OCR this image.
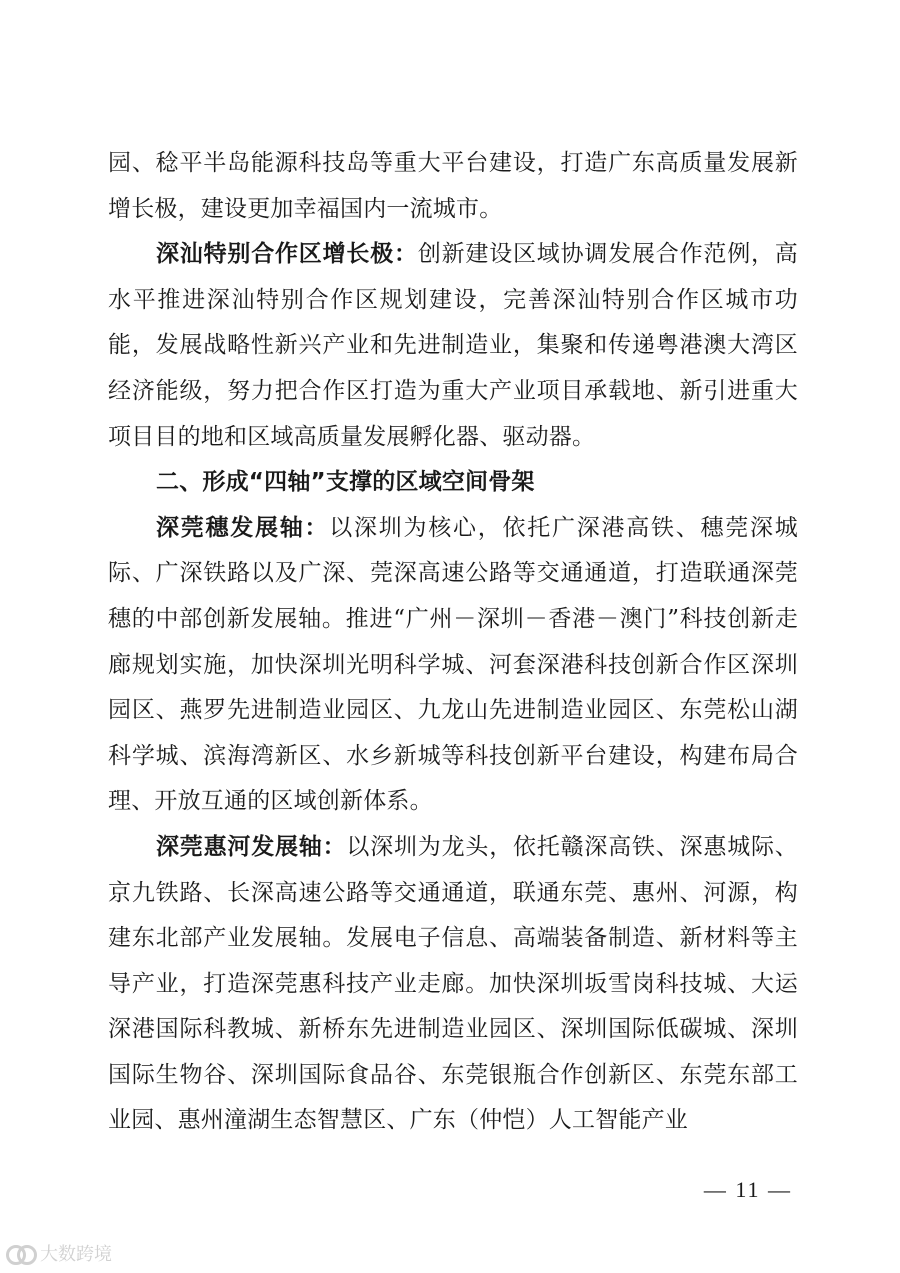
园、稔平半岛能源科技岛等重大平台建设，打造广东高质量发展新增长极，建设更加幸福国内一流城市。

深汕特别合作区增长极：创新建设区域协调发展合作范例，高水平推进深汕特别合作区规划建设，完善深汕特别合作区城市功能，发展战略性新兴产业和先进制造业，集聚和传递粤港澳大湾区经济能级，努力把合作区打造为重大产业项目承载地、新引进重大项目目的地和区域高质量发展孵化器、驱动器。

二、形成“四轴”支撑的区域空间骨架

深莞穗发展轴：以深圳为核心，依托广深港高铁、穗莞深城际、广深铁路以及广深、莞深高速公路等交通通道，打造联通深莞穗的中部创新发展轴。推进“广州－深圳－香港－澳门”科技创新走廊规划实施，加快深圳光明科学城、河套深港科技创新合作区深圳园区、燕罗先进制造业园区、九龙山先进制造业园区、东莞松山湖科学城、滨海湾新区、水乡新城等科技创新平台建设，构建布局合理、开放互通的区域创新体系。

深莞惠河发展轴：以深圳为龙头，依托赣深高铁、深惠城际、京九铁路、长深高速公路等交通通道，联通东莞、惠州、河源，构建东北部产业发展轴。发展电子信息、高端装备制造、新材料等主导产业，打造深莞惠科技产业走廊。加快深圳坂雪岗科技城、大运深港国际科教城、新桥东先进制造业园区、深圳国际低碳城、深圳国际生物谷、深圳国际食品谷、东莞银瓶合作创新区、东莞东部工业园、惠州潼湖生态智慧区、广东（仲恺）人工智能产业

— 11 —
大数跨境
